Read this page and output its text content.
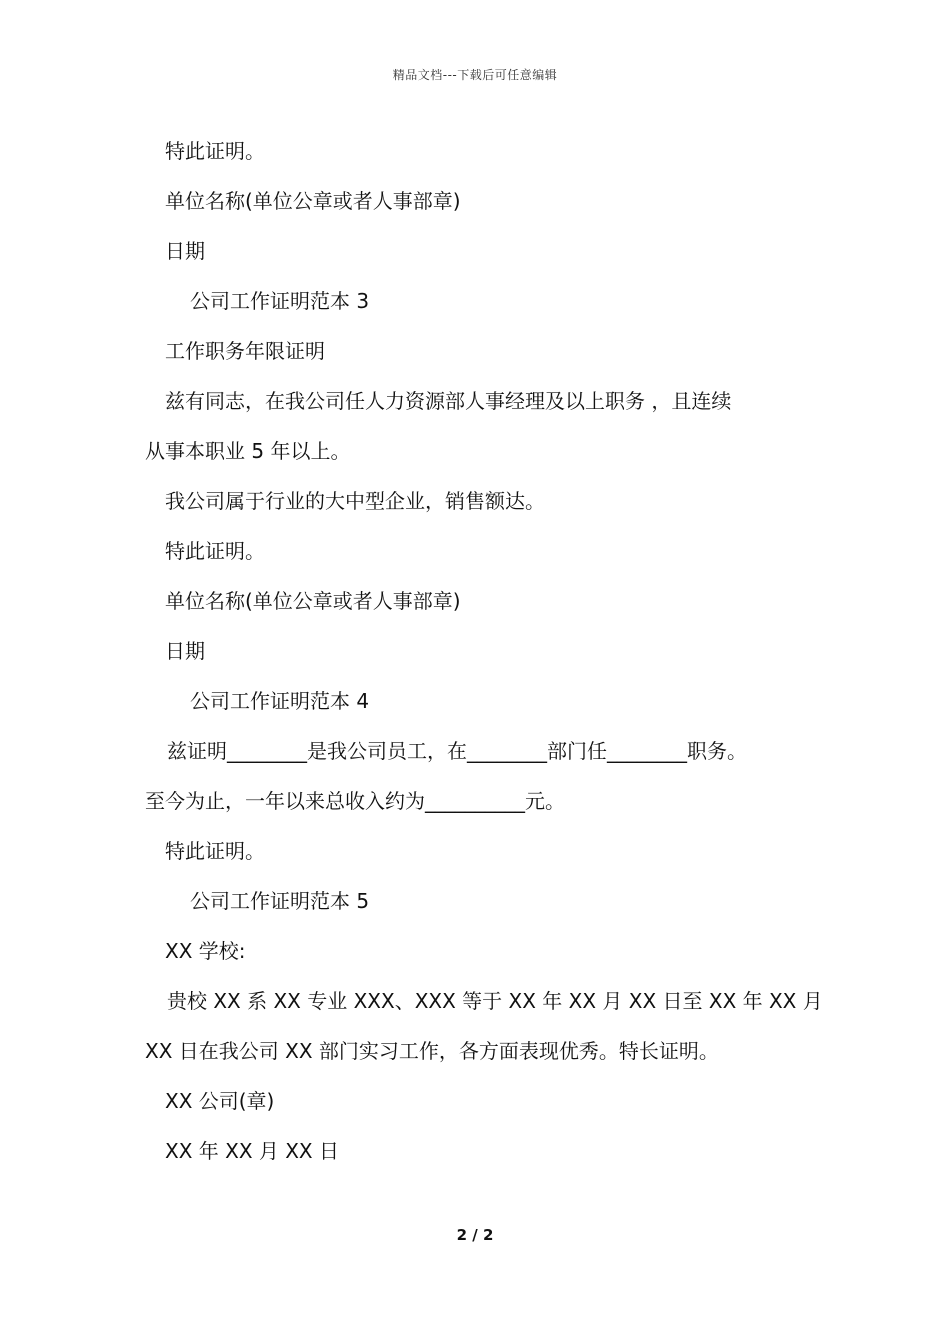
精品文档---下载后可任意编辑
特此证明。
单位名称(单位公章或者人事部章)
日期
公司工作证明范本 3
工作职务年限证明
兹有同志，在我公司任人力资源部人事经理及以上职务 ，且连续
从事本职业 5 年以上。
我公司属于行业的大中型企业，销售额达。
特此证明。
单位名称(单位公章或者人事部章)
日期
公司工作证明范本 4
兹证明________是我公司员工，在________部门任________职务。
至今为止，一年以来总收入约为__________元。
特此证明。
公司工作证明范本 5
XX 学校:
贵校 XX 系 XX 专业 XXX、XXX 等于 XX 年 XX 月 XX 日至 XX 年 XX 月
XX 日在我公司 XX 部门实习工作，各方面表现优秀。特长证明。
XX 公司(章)
XX 年 XX 月 XX 日
2 / 2
